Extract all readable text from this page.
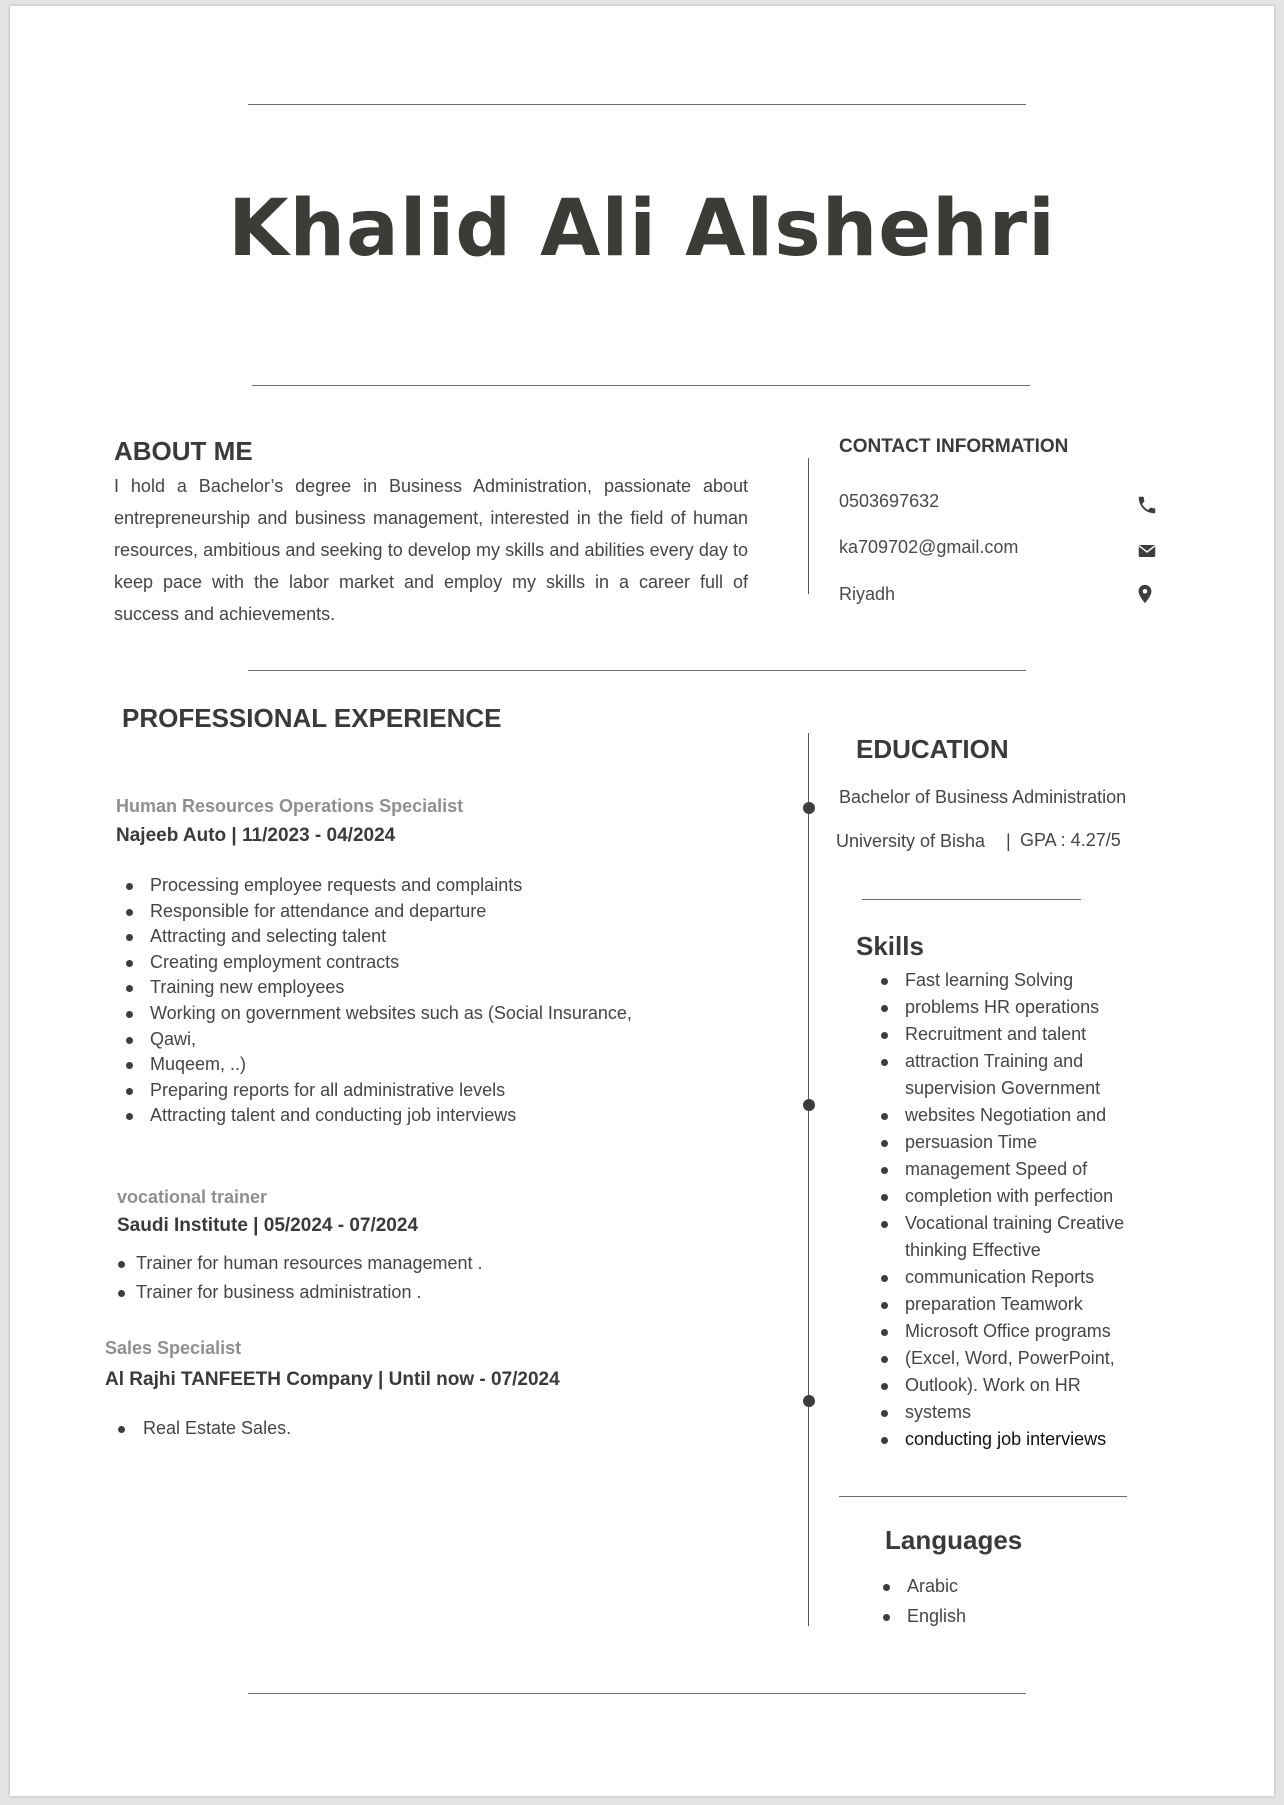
Khalid Ali Alshehri
ABOUT ME
I hold a Bachelor’s degree in Business Administration, passionate about entrepreneurship and business management, interested in the field of human resources, ambitious and seeking to develop my skills and abilities every day to keep pace with the labor market and employ my skills in a career full of success and achievements.
CONTACT INFORMATION
0503697632
ka709702@gmail.com
Riyadh
PROFESSIONAL EXPERIENCE
Human Resources Operations Specialist
Najeeb Auto | 11/2023 - 04/2024
Processing employee requests and complaints
Responsible for attendance and departure
Attracting and selecting talent
Creating employment contracts
Training new employees
Working on government websites such as (Social Insurance,
Qawi,
Muqeem, ..)
Preparing reports for all administrative levels
Attracting talent and conducting job interviews
vocational trainer
Saudi Institute | 05/2024 - 07/2024
Trainer for human resources management .
Trainer for business administration .
Sales Specialist
Al Rajhi TANFEETH Company | Until now - 07/2024
Real Estate Sales.
EDUCATION
Bachelor of Business Administration
University of Bisha | GPA : 4.27/5
Skills
Fast learning Solving
problems HR operations
Recruitment and talent
attraction Training and
supervision Government
websites Negotiation and
persuasion Time
management Speed of
completion with perfection
Vocational training Creative
thinking Effective
communication Reports
preparation Teamwork
Microsoft Office programs
(Excel, Word, PowerPoint,
Outlook). Work on HR
systems
conducting job interviews
Languages
Arabic
English
